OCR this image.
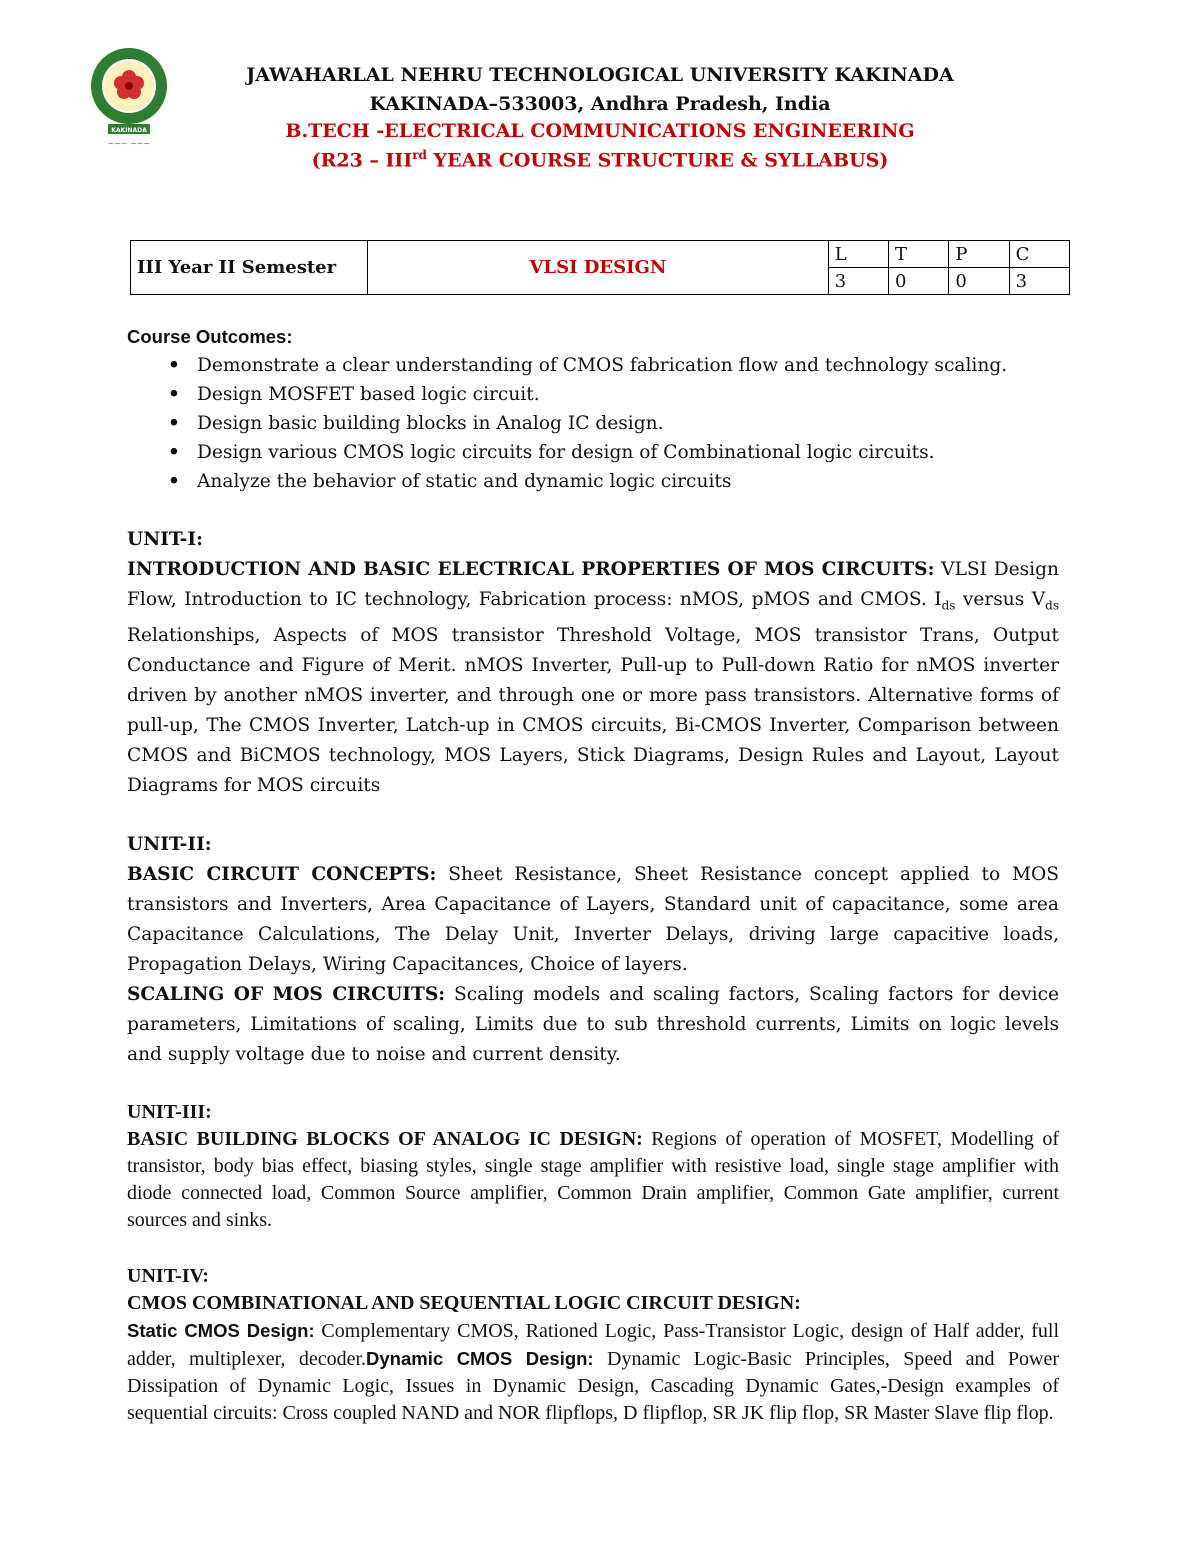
KAKINADA
~~~ ~~~
JAWAHARLAL NEHRU TECHNOLOGICAL UNIVERSITY KAKINADA
KAKINADA–533003, Andhra Pradesh, India
B.TECH -ELECTRICAL COMMUNICATIONS ENGINEERING
(R23 – IIIrd YEAR COURSE STRUCTURE & SYLLABUS)
III Year II Semester	VLSI DESIGN	L	T	P	C
		3	0	0	3
Course Outcomes:
• Demonstrate a clear understanding of CMOS fabrication flow and technology scaling.
• Design MOSFET based logic circuit.
• Design basic building blocks in Analog IC design.
• Design various CMOS logic circuits for design of Combinational logic circuits.
• Analyze the behavior of static and dynamic logic circuits
UNIT-I:
INTRODUCTION AND BASIC ELECTRICAL PROPERTIES OF MOS CIRCUITS: VLSI Design Flow, Introduction to IC technology, Fabrication process: nMOS, pMOS and CMOS. $I_{ds}$ versus $V_{ds}$ Relationships, Aspects of MOS transistor Threshold Voltage, MOS transistor Trans, Output Conductance and Figure of Merit. nMOS Inverter, Pull-up to Pull-down Ratio for nMOS inverter driven by another nMOS inverter, and through one or more pass transistors. Alternative forms of pull-up, The CMOS Inverter, Latch-up in CMOS circuits, Bi-CMOS Inverter, Comparison between CMOS and BiCMOS technology, MOS Layers, Stick Diagrams, Design Rules and Layout, Layout Diagrams for MOS circuits
UNIT-II:
BASIC CIRCUIT CONCEPTS: Sheet Resistance, Sheet Resistance concept applied to MOS transistors and Inverters, Area Capacitance of Layers, Standard unit of capacitance, some area Capacitance Calculations, The Delay Unit, Inverter Delays, driving large capacitive loads, Propagation Delays, Wiring Capacitances, Choice of layers.
SCALING OF MOS CIRCUITS: Scaling models and scaling factors, Scaling factors for device parameters, Limitations of scaling, Limits due to sub threshold currents, Limits on logic levels and supply voltage due to noise and current density.
UNIT-III:
BASIC BUILDING BLOCKS OF ANALOG IC DESIGN: Regions of operation of MOSFET, Modelling of transistor, body bias effect, biasing styles, single stage amplifier with resistive load, single stage amplifier with diode connected load, Common Source amplifier, Common Drain amplifier, Common Gate amplifier, current sources and sinks.
UNIT-IV:
CMOS COMBINATIONAL AND SEQUENTIAL LOGIC CIRCUIT DESIGN:
Static CMOS Design: Complementary CMOS, Rationed Logic, Pass-Transistor Logic, design of Half adder, full adder, multiplexer, decoder.Dynamic CMOS Design: Dynamic Logic-Basic Principles, Speed and Power Dissipation of Dynamic Logic, Issues in Dynamic Design, Cascading Dynamic Gates,-Design examples of sequential circuits: Cross coupled NAND and NOR flipflops, D flipflop, SR JK flip flop, SR Master Slave flip flop.
